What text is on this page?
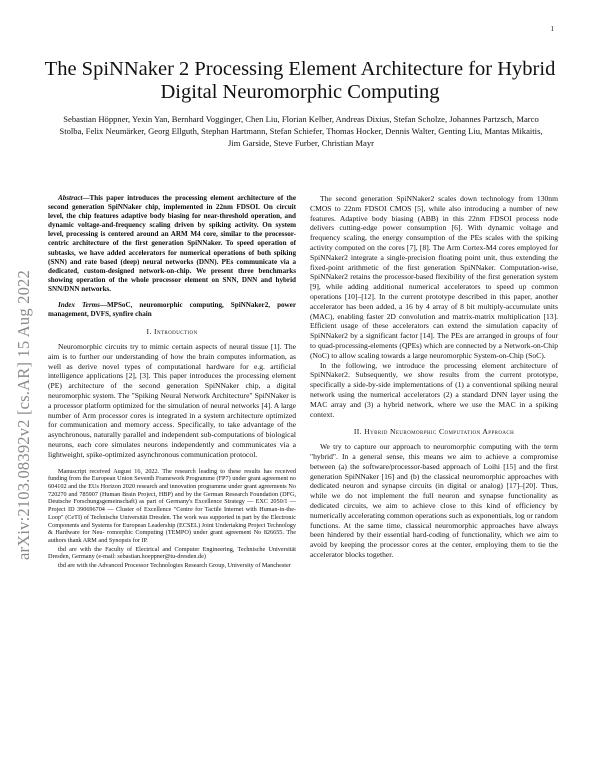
1
arXiv:2103.08392v2 [cs.AR] 15 Aug 2022
The SpiNNaker 2 Processing Element Architecture for Hybrid Digital Neuromorphic Computing
Sebastian Höppner, Yexin Yan, Bernhard Vogginger, Chen Liu, Florian Kelber, Andreas Dixius, Stefan Scholze, Johannes Partzsch, Marco Stolba, Felix Neumärker, Georg Ellguth, Stephan Hartmann, Stefan Schiefer, Thomas Hocker, Dennis Walter, Genting Liu, Mantas Mikaitis, Jim Garside, Steve Furber, Christian Mayr

Abstract—This paper introduces the processing element architecture of the second generation SpiNNaker chip, implemented in 22nm FDSOI. On circuit level, the chip features adaptive body biasing for near-threshold operation, and dynamic voltage-and-frequency scaling driven by spiking activity. On system level, processing is centered around an ARM M4 core, similar to the processor-centric architecture of the first generation SpiNNaker. To speed operation of subtasks, we have added accelerators for numerical operations of both spiking (SNN) and rate based (deep) neural networks (DNN). PEs communicate via a dedicated, custom-designed network-on-chip. We present three benchmarks showing operation of the whole processor element on SNN, DNN and hybrid SNN/DNN networks.

Index Terms—MPSoC, neuromorphic computing, SpiNNaker2, power management, DVFS, synfire chain

I. Introduction

Neuromorphic circuits try to mimic certain aspects of neural tissue [1]. The aim is to further our understanding of how the brain computes information, as well as derive novel types of computational hardware for e.g. artificial intelligence applications [2], [3]. This paper introduces the processing element (PE) architecture of the second generation SpiNNaker chip, a digital neuromorphic system. The "Spiking Neural Network Architecture" SpiNNaker is a processor platform optimized for the simulation of neural networks [4]. A large number of Arm processor cores is integrated in a system architecture optimized for communication and memory access. Specifically, to take advantage of the asynchronous, naturally parallel and independent sub-computations of biological neurons, each core simulates neurons independently and communicates via a lightweight, spike-optimized asynchronous communication protocol.

Manuscript received August 16, 2022. The research leading to these results has received funding from the European Union Seventh Framework Programme (FP7) under grant agreement no 604102 and the EUs Horizon 2020 research and innovation programme under grant agreements No 720270 and 785907 (Human Brain Project, HBP) and by the German Research Foundation (DFG, Deutsche Forschungsgemeinschaft) as part of Germany's Excellence Strategy — EXC 2050/1 — Project ID 390696704 — Cluster of Excellence "Centre for Tactile Internet with Human-in-the-Loop" (CeTI) of Technische Universität Dresden. The work was supported in part by the Electronic Components and Systems for European Leadership (ECSEL) Joint Undertaking Project Technology & Hardware for Neu- romorphic Computing (TEMPO) under grant agreement No 826655. The authors thank ARM and Synopsis for IP.

tbd are with the Faculty of Electrical and Computer Engineering, Technische Universität Dresden, Germany (e-mail: sebastian.hoeppner@tu-dresden.de)

tbd are with the Advanced Processor Technologies Research Group, University of Manchester

The second generation SpiNNaker2 scales down technology from 130nm CMOS to 22nm FDSOI CMOS [5], while also introducing a number of new features. Adaptive body biasing (ABB) in this 22nm FDSOI process node delivers cutting-edge power consumption [6]. With dynamic voltage and frequency scaling, the energy consumption of the PEs scales with the spiking activity computed on the cores [7], [8]. The Arm Cortex-M4 cores employed for SpiNNaker2 integrate a single-precision floating point unit, thus extending the fixed-point arithmetic of the first generation SpiNNaker. Computation-wise, SpiNNaker2 retains the processor-based flexibility of the first generation system [9], while adding additional numerical accelerators to speed up common operations [10]–[12]. In the current prototype described in this paper, another accelerator has been added, a 16 by 4 array of 8 bit multiply-accumulate units (MAC), enabling faster 2D convolution and matrix-matrix multiplication [13]. Efficient usage of these accelerators can extend the simulation capacity of SpiNNaker2 by a significant factor [14]. The PEs are arranged in groups of four to quad-processing-elements (QPEs) which are connected by a Network-on-Chip (NoC) to allow scaling towards a large neuromorphic System-on-Chip (SoC).

In the following, we introduce the processing element architecture of SpiNNaker2. Subsequently, we show results from the current prototype, specifically a side-by-side implementations of (1) a conventional spiking neural network using the numerical accelerators (2) a standard DNN layer using the MAC array and (3) a hybrid network, where we use the MAC in a spiking context.

II. Hybrid Neuromorphic Computation Approach

We try to capture our approach to neuromorphic computing with the term "hybrid". In a general sense, this means we aim to achieve a compromise between (a) the software/processor-based approach of Loihi [15] and the first generation SpiNNaker [16] and (b) the classical neuromorphic approaches with dedicated neuron and synapse circuits (in digital or analog) [17]–[20]. Thus, while we do not implement the full neuron and synapse functionality as dedicated circuits, we aim to achieve close to this kind of efficiency by numerically accelerating common operations such as exponentials, log or random functions. At the same time, classical neuromorphic approaches have always been hindered by their essential hard-coding of functionality, which we aim to avoid by keeping the processor cores at the center, employing them to tie the accelerator blocks together.
